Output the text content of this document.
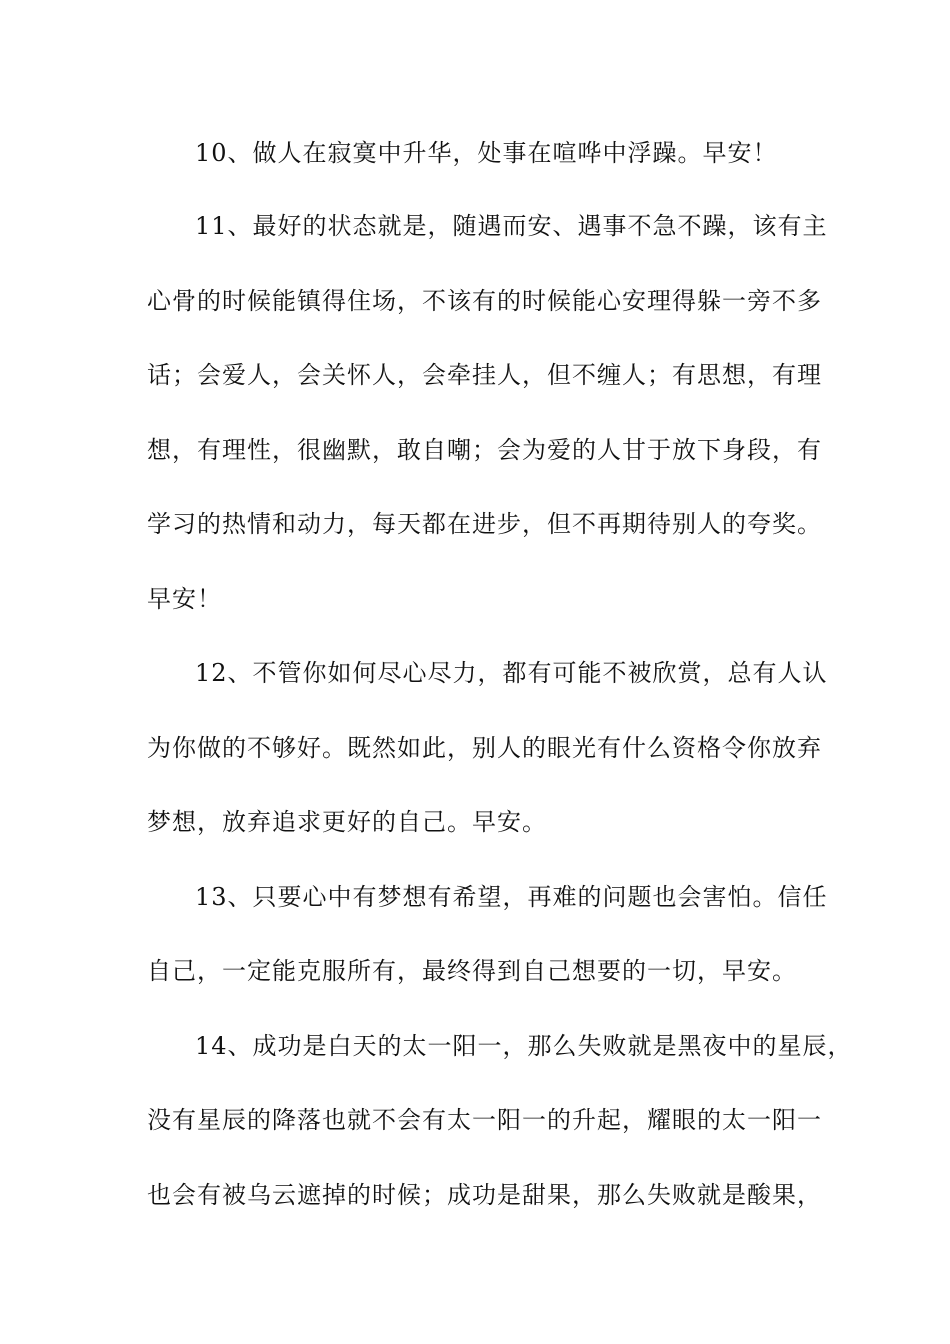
10、做人在寂寞中升华，处事在喧哗中浮躁。早安！
11、最好的状态就是，随遇而安、遇事不急不躁，该有主
心骨的时候能镇得住场，不该有的时候能心安理得躲一旁不多
话；会爱人，会关怀人，会牵挂人，但不缠人；有思想，有理
想，有理性，很幽默，敢自嘲；会为爱的人甘于放下身段，有
学习的热情和动力，每天都在进步，但不再期待别人的夸奖。
早安！
12、不管你如何尽心尽力，都有可能不被欣赏，总有人认
为你做的不够好。既然如此，别人的眼光有什么资格令你放弃
梦想，放弃追求更好的自己。早安。
13、只要心中有梦想有希望，再难的问题也会害怕。信任
自己，一定能克服所有，最终得到自己想要的一切，早安。
14、成功是白天的太一阳一，那么失败就是黑夜中的星辰，
没有星辰的降落也就不会有太一阳一的升起，耀眼的太一阳一
也会有被乌云遮掉的时候；成功是甜果，那么失败就是酸果，
